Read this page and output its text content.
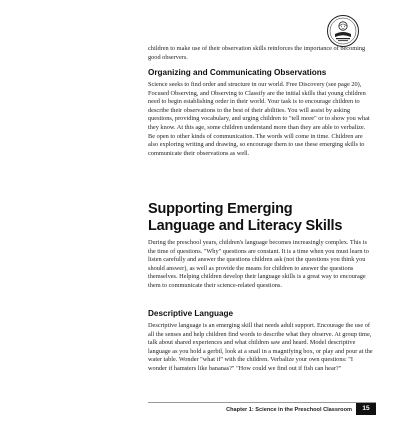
children to make use of their observation skills reinforces the importance of becoming good observers.

Organizing and Communicating Observations

Science seeks to find order and structure in our world. Free Discovery (see page 20), Focused Observing, and Observing to Classify are the initial skills that young children need to begin establishing order in their world. Your task is to encourage children to describe their observations to the best of their abilities. You will assist by asking questions, providing vocabulary, and urging children to "tell more" or to show you what they know. At this age, some children understand more than they are able to verbalize. Be open to other kinds of communication. The words will come in time. Children are also exploring writing and drawing, so encourage them to use these emerging skills to communicate their observations as well.

Supporting Emerging
Language and Literacy Skills

During the preschool years, children's language becomes increasingly complex. This is the time of questions. "Why" questions are constant. It is a time when you must learn to listen carefully and answer the questions children ask (not the questions you think you should answer), as well as provide the means for children to answer the questions themselves. Helping children develop their language skills is a great way to encourage them to communicate their science-related questions.

Descriptive Language

Descriptive language is an emerging skill that needs adult support. Encourage the use of all the senses and help children find words to describe what they observe. At group time, talk about shared experiences and what children saw and heard. Model descriptive language as you hold a gerbil, look at a snail in a magnifying box, or play and pour at the water table. Wonder "what if" with the children. Verbalize your own questions: "I wonder if hamsters like bananas?" "How could we find out if fish can hear?"

Chapter 1: Science in the Preschool Classroom	15
